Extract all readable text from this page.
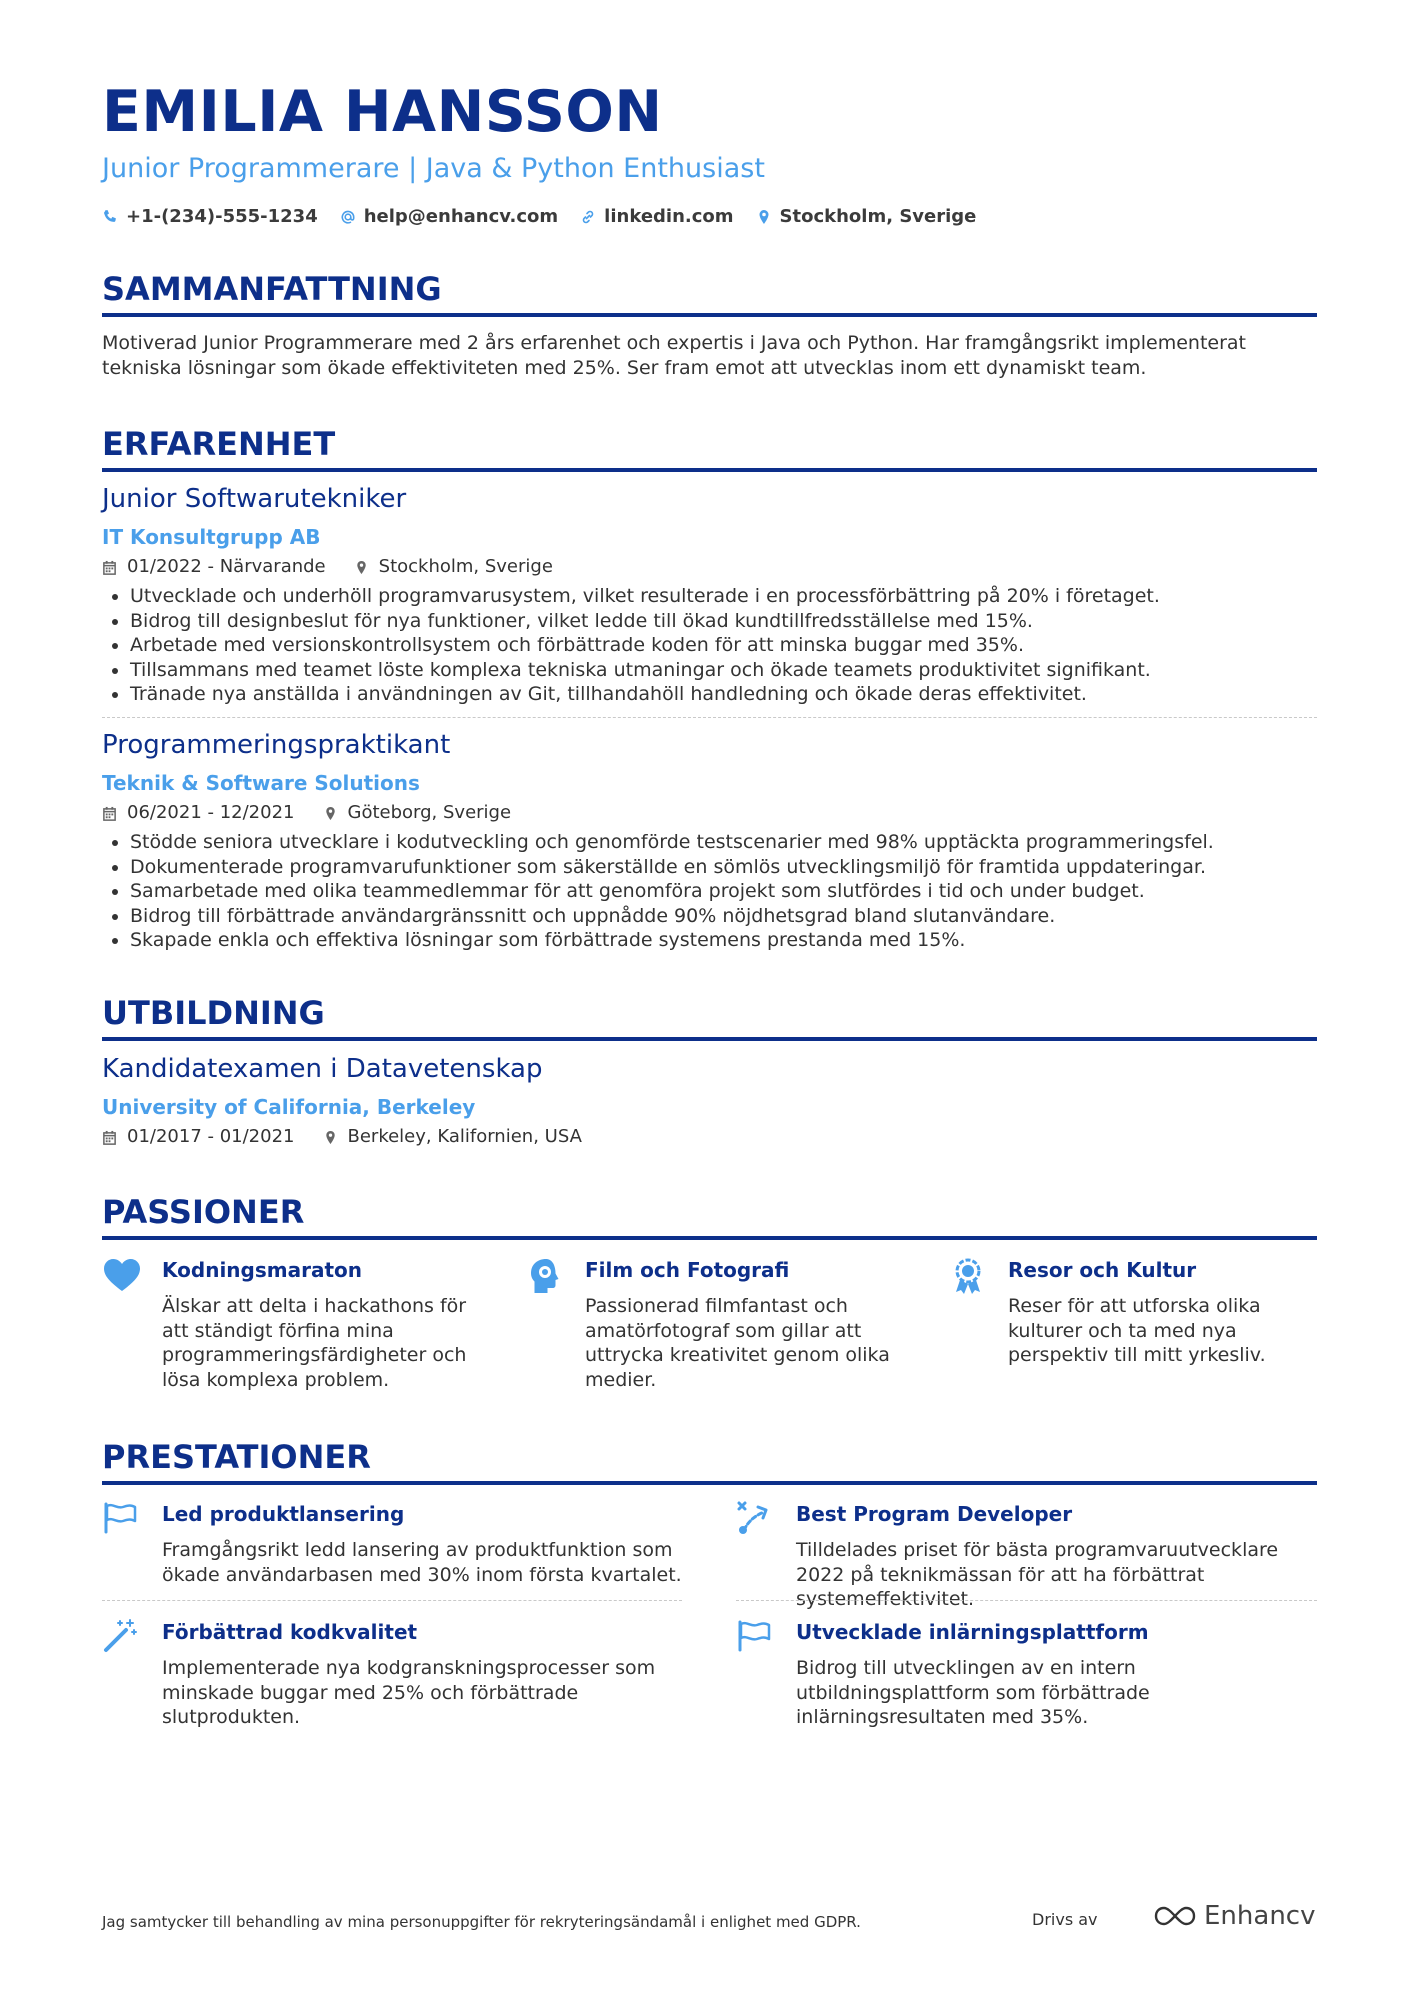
EMILIA HANSSON
Junior Programmerare | Java & Python Enthusiast
+1-(234)-555-1234	help@enhancv.com	linkedin.com	Stockholm, Sverige
SAMMANFATTNING
Motiverad Junior Programmerare med 2 års erfarenhet och expertis i Java och Python. Har framgångsrikt implementerat tekniska lösningar som ökade effektiviteten med 25%. Ser fram emot att utvecklas inom ett dynamiskt team.
ERFARENHET
Junior Softwarutekniker
IT Konsultgrupp AB
01/2022 - Närvarande	Stockholm, Sverige
• Utvecklade och underhöll programvarusystem, vilket resulterade i en processförbättring på 20% i företaget.
• Bidrog till designbeslut för nya funktioner, vilket ledde till ökad kundtillfredsställelse med 15%.
• Arbetade med versionskontrollsystem och förbättrade koden för att minska buggar med 35%.
• Tillsammans med teamet löste komplexa tekniska utmaningar och ökade teamets produktivitet signifikant.
• Tränade nya anställda i användningen av Git, tillhandahöll handledning och ökade deras effektivitet.
Programmeringspraktikant
Teknik & Software Solutions
06/2021 - 12/2021	Göteborg, Sverige
• Stödde seniora utvecklare i kodutveckling och genomförde testscenarier med 98% upptäckta programmeringsfel.
• Dokumenterade programvarufunktioner som säkerställde en sömlös utvecklingsmiljö för framtida uppdateringar.
• Samarbetade med olika teammedlemmar för att genomföra projekt som slutfördes i tid och under budget.
• Bidrog till förbättrade användargränssnitt och uppnådde 90% nöjdhetsgrad bland slutanvändare.
• Skapade enkla och effektiva lösningar som förbättrade systemens prestanda med 15%.
UTBILDNING
Kandidatexamen i Datavetenskap
University of California, Berkeley
01/2017 - 01/2021	Berkeley, Kalifornien, USA
PASSIONER
Kodningsmaraton
Älskar att delta i hackathons för att ständigt förfina mina programmeringsfärdigheter och lösa komplexa problem.
Film och Fotografi
Passionerad filmfantast och amatörfotograf som gillar att uttrycka kreativitet genom olika medier.
Resor och Kultur
Reser för att utforska olika kulturer och ta med nya perspektiv till mitt yrkesliv.
PRESTATIONER
Led produktlansering
Framgångsrikt ledd lansering av produktfunktion som ökade användarbasen med 30% inom första kvartalet.
Best Program Developer
Tilldelades priset för bästa programvaruutvecklare 2022 på teknikmässan för att ha förbättrat systemeffektivitet.
Förbättrad kodkvalitet
Implementerade nya kodgranskningsprocesser som minskade buggar med 25% och förbättrade slutprodukten.
Utvecklade inlärningsplattform
Bidrog till utvecklingen av en intern utbildningsplattform som förbättrade inlärningsresultaten med 35%.
Jag samtycker till behandling av mina personuppgifter för rekryteringsändamål i enlighet med GDPR.	Drivs av	Enhancv
